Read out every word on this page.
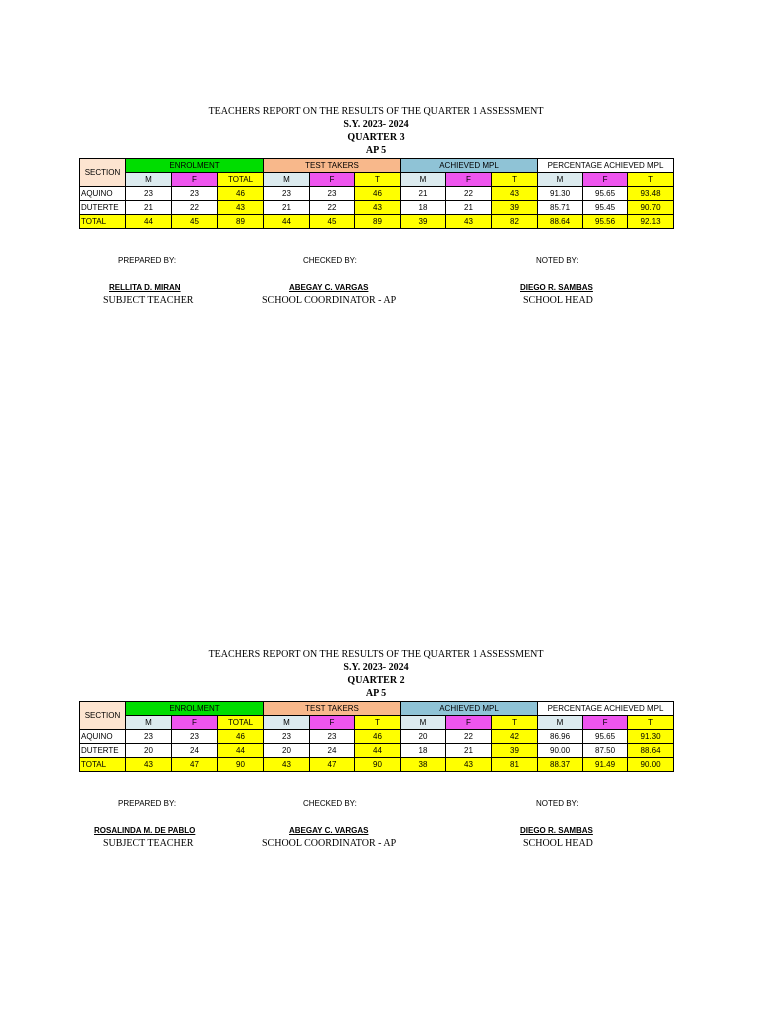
TEACHERS REPORT ON THE RESULTS OF THE QUARTER 1 ASSESSMENT
S.Y. 2023- 2024
QUARTER 3
AP 5
SECTION	ENROLMENT			TEST TAKERS			ACHIEVED MPL			PERCENTAGE ACHIEVED MPL		
	M	F	TOTAL	M	F	T	M	F	T	M	F	T
AQUINO	23	23	46	23	23	46	21	22	43	91.30	95.65	93.48
DUTERTE	21	22	43	21	22	43	18	21	39	85.71	95.45	90.70
TOTAL	44	45	89	44	45	89	39	43	82	88.64	95.56	92.13
PREPARED BY:	CHECKED BY:	NOTED BY:
RELLITA D. MIRAN	ABEGAY C. VARGAS	DIEGO R. SAMBAS
SUBJECT TEACHER	SCHOOL COORDINATOR - AP	SCHOOL HEAD
TEACHERS REPORT ON THE RESULTS OF THE QUARTER 1 ASSESSMENT
S.Y. 2023- 2024
QUARTER 2
AP 5
SECTION	ENROLMENT			TEST TAKERS			ACHIEVED MPL			PERCENTAGE ACHIEVED MPL		
	M	F	TOTAL	M	F	T	M	F	T	M	F	T
AQUINO	23	23	46	23	23	46	20	22	42	86.96	95.65	91.30
DUTERTE	20	24	44	20	24	44	18	21	39	90.00	87.50	88.64
TOTAL	43	47	90	43	47	90	38	43	81	88.37	91.49	90.00
PREPARED BY:	CHECKED BY:	NOTED BY:
ROSALINDA M. DE PABLO	ABEGAY C. VARGAS	DIEGO R. SAMBAS
SUBJECT TEACHER	SCHOOL COORDINATOR - AP	SCHOOL HEAD
